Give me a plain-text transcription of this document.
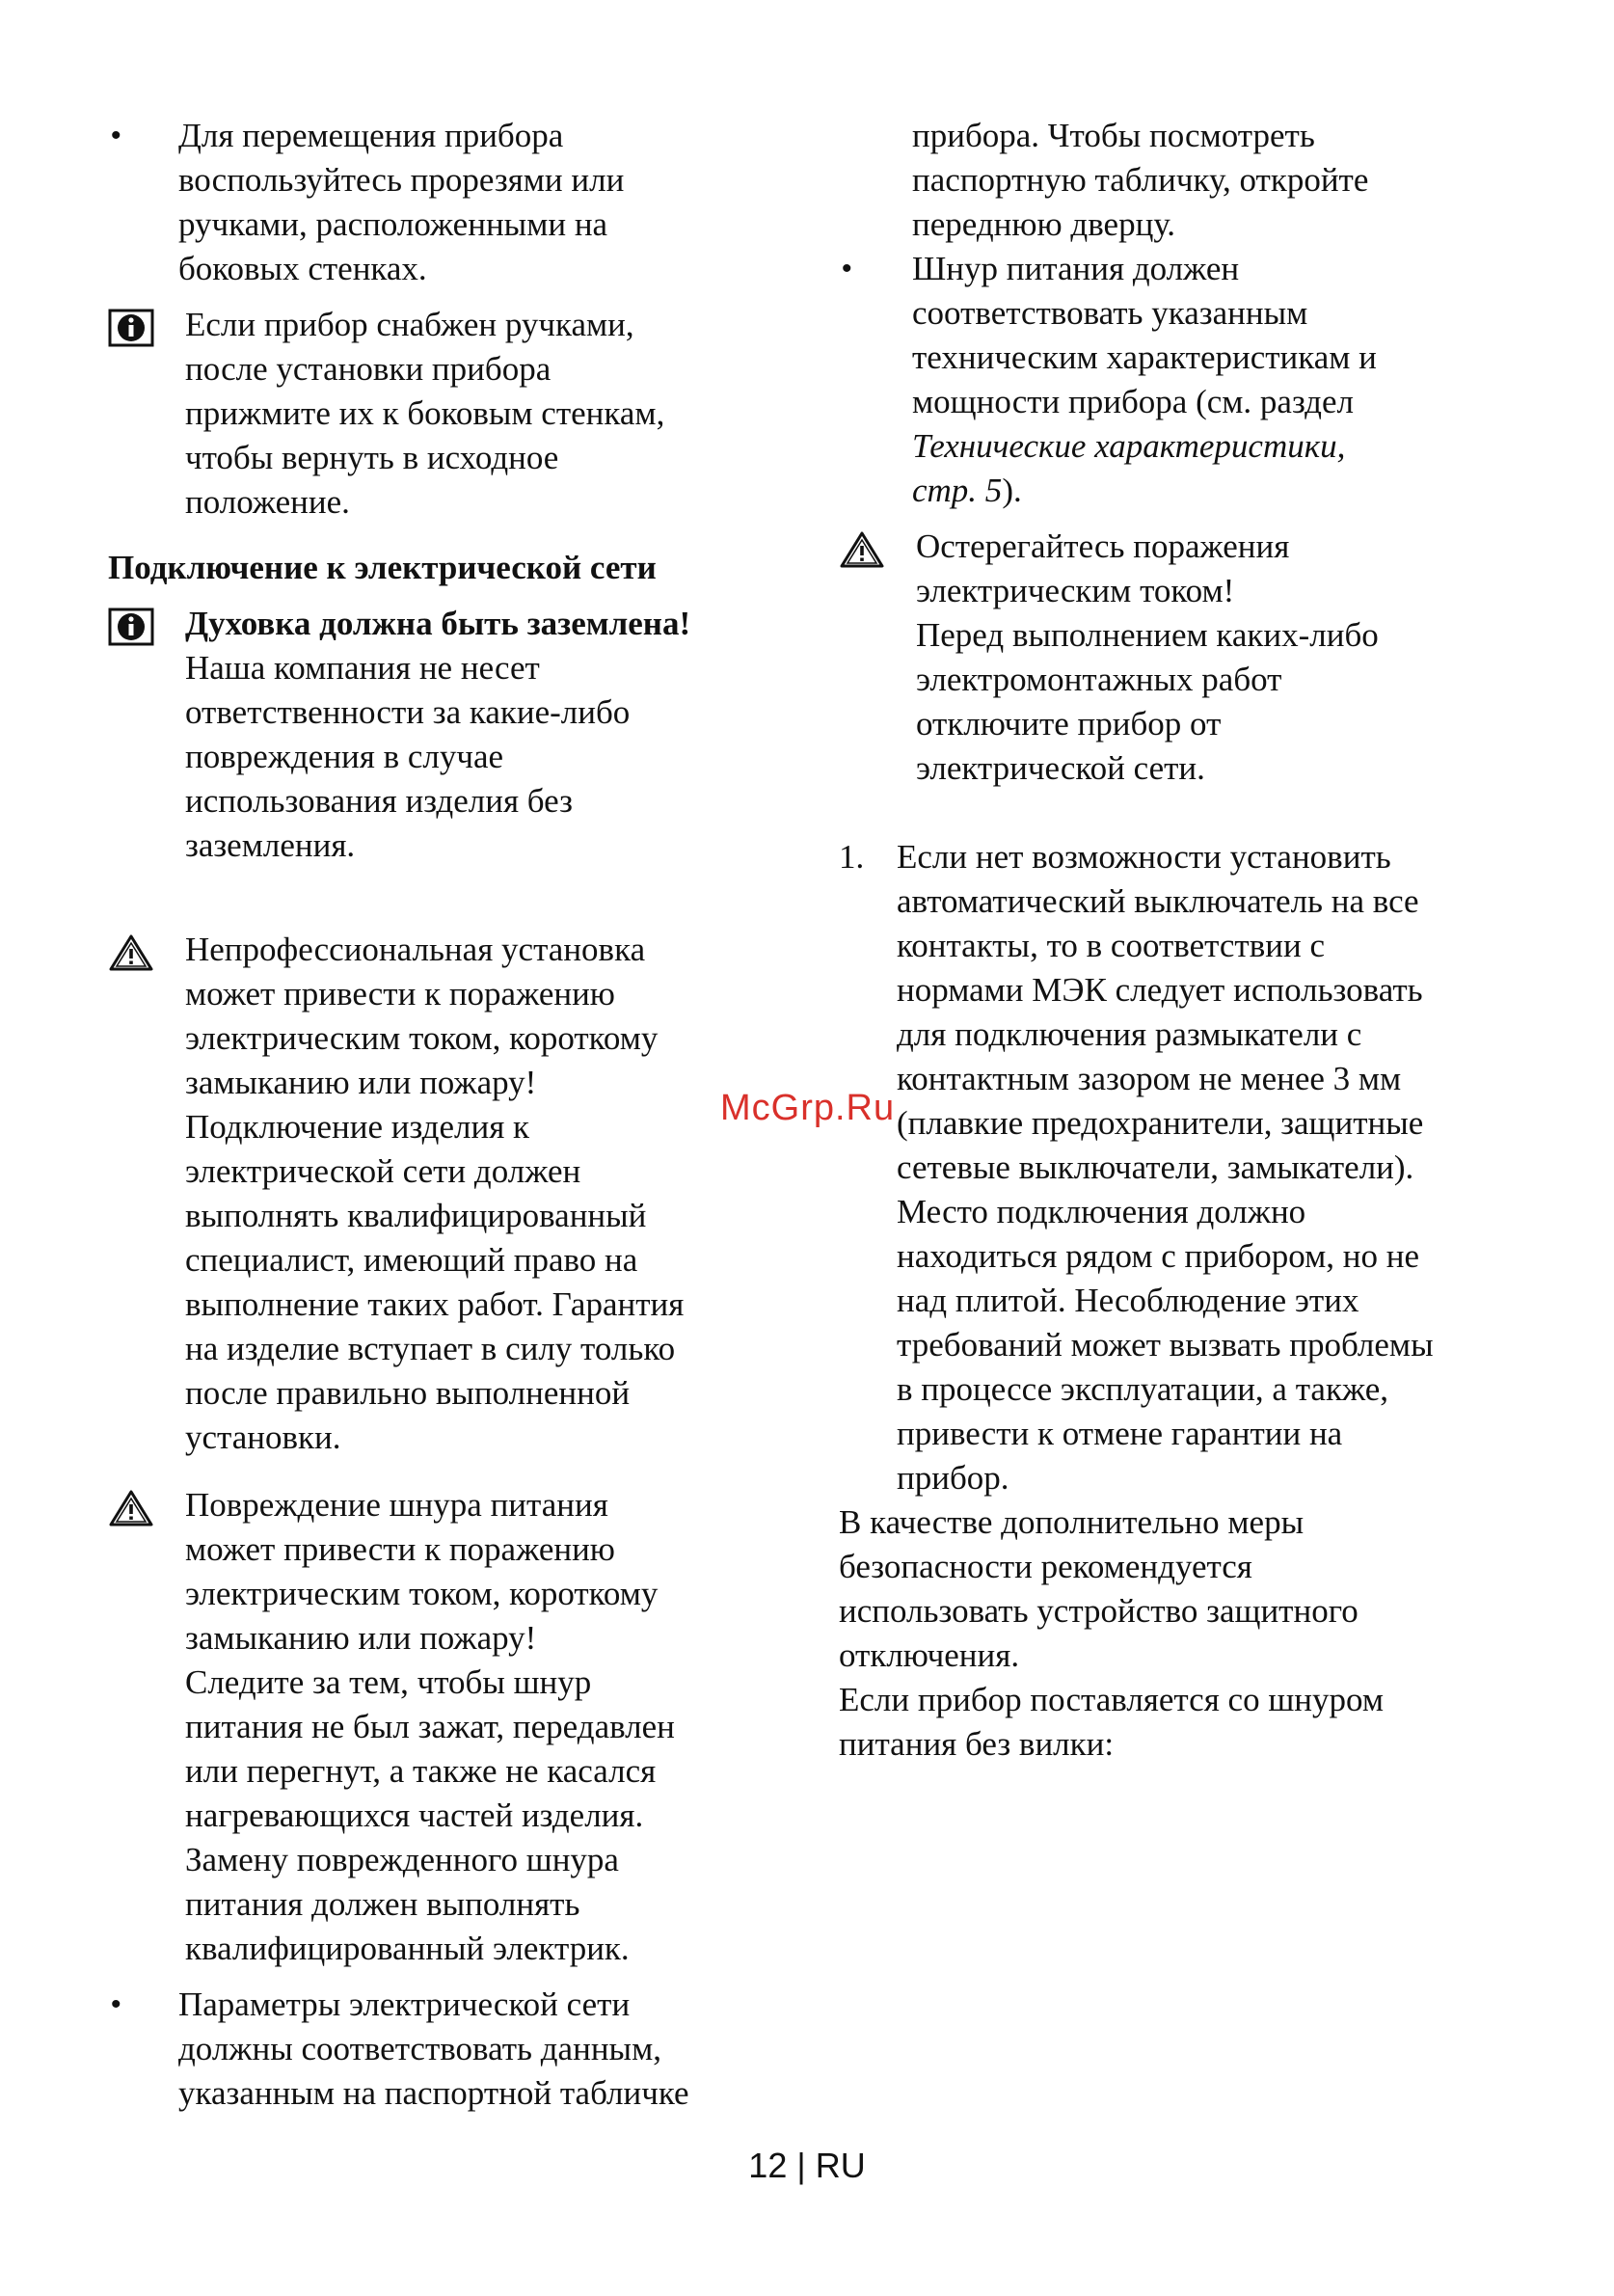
• Для перемещения прибора
воспользуйтесь прорезями или
ручками, расположенными на
боковых стенках.
Если прибор снабжен ручками,
после установки прибора
прижмите их к боковым стенкам,
чтобы вернуть в исходное
положение.
Подключение к электрической сети
Духовка должна быть заземлена!
Наша компания не несет
ответственности за какие-либо
повреждения в случае
использования изделия без
заземления.
Непрофессиональная установка
может привести к поражению
электрическим током, короткому
замыканию или пожару!
Подключение изделия к
электрической сети должен
выполнять квалифицированный
специалист, имеющий право на
выполнение таких работ. Гарантия
на изделие вступает в силу только
после правильно выполненной
установки.
Повреждение шнура питания
может привести к поражению
электрическим током, короткому
замыканию или пожару!
Следите за тем, чтобы шнур
питания не был зажат, передавлен
или перегнут, а также не касался
нагревающихся частей изделия.
Замену поврежденного шнура
питания должен выполнять
квалифицированный электрик.
• Параметры электрической сети
должны соответствовать данным,
указанным на паспортной табличке
прибора. Чтобы посмотреть
паспортную табличку, откройте
переднюю дверцу.
• Шнур питания должен
соответствовать указанным
техническим характеристикам и
мощности прибора (см. раздел
Технические характеристики,
стр. 5).
Остерегайтесь поражения
электрическим током!
Перед выполнением каких-либо
электромонтажных работ
отключите прибор от
электрической сети.
1. Если нет возможности установить
автоматический выключатель на все
контакты, то в соответствии с
нормами МЭК следует использовать
для подключения размыкатели с
контактным зазором не менее 3 мм
(плавкие предохранители, защитные
сетевые выключатели, замыкатели).
Место подключения должно
находиться рядом с прибором, но не
над плитой. Несоблюдение этих
требований может вызвать проблемы
в процессе эксплуатации, а также,
привести к отмене гарантии на
прибор.
В качестве дополнительно меры
безопасности рекомендуется
использовать устройство защитного
отключения.
Если прибор поставляется со шнуром
питания без вилки:
McGrp.Ru
12 | RU
